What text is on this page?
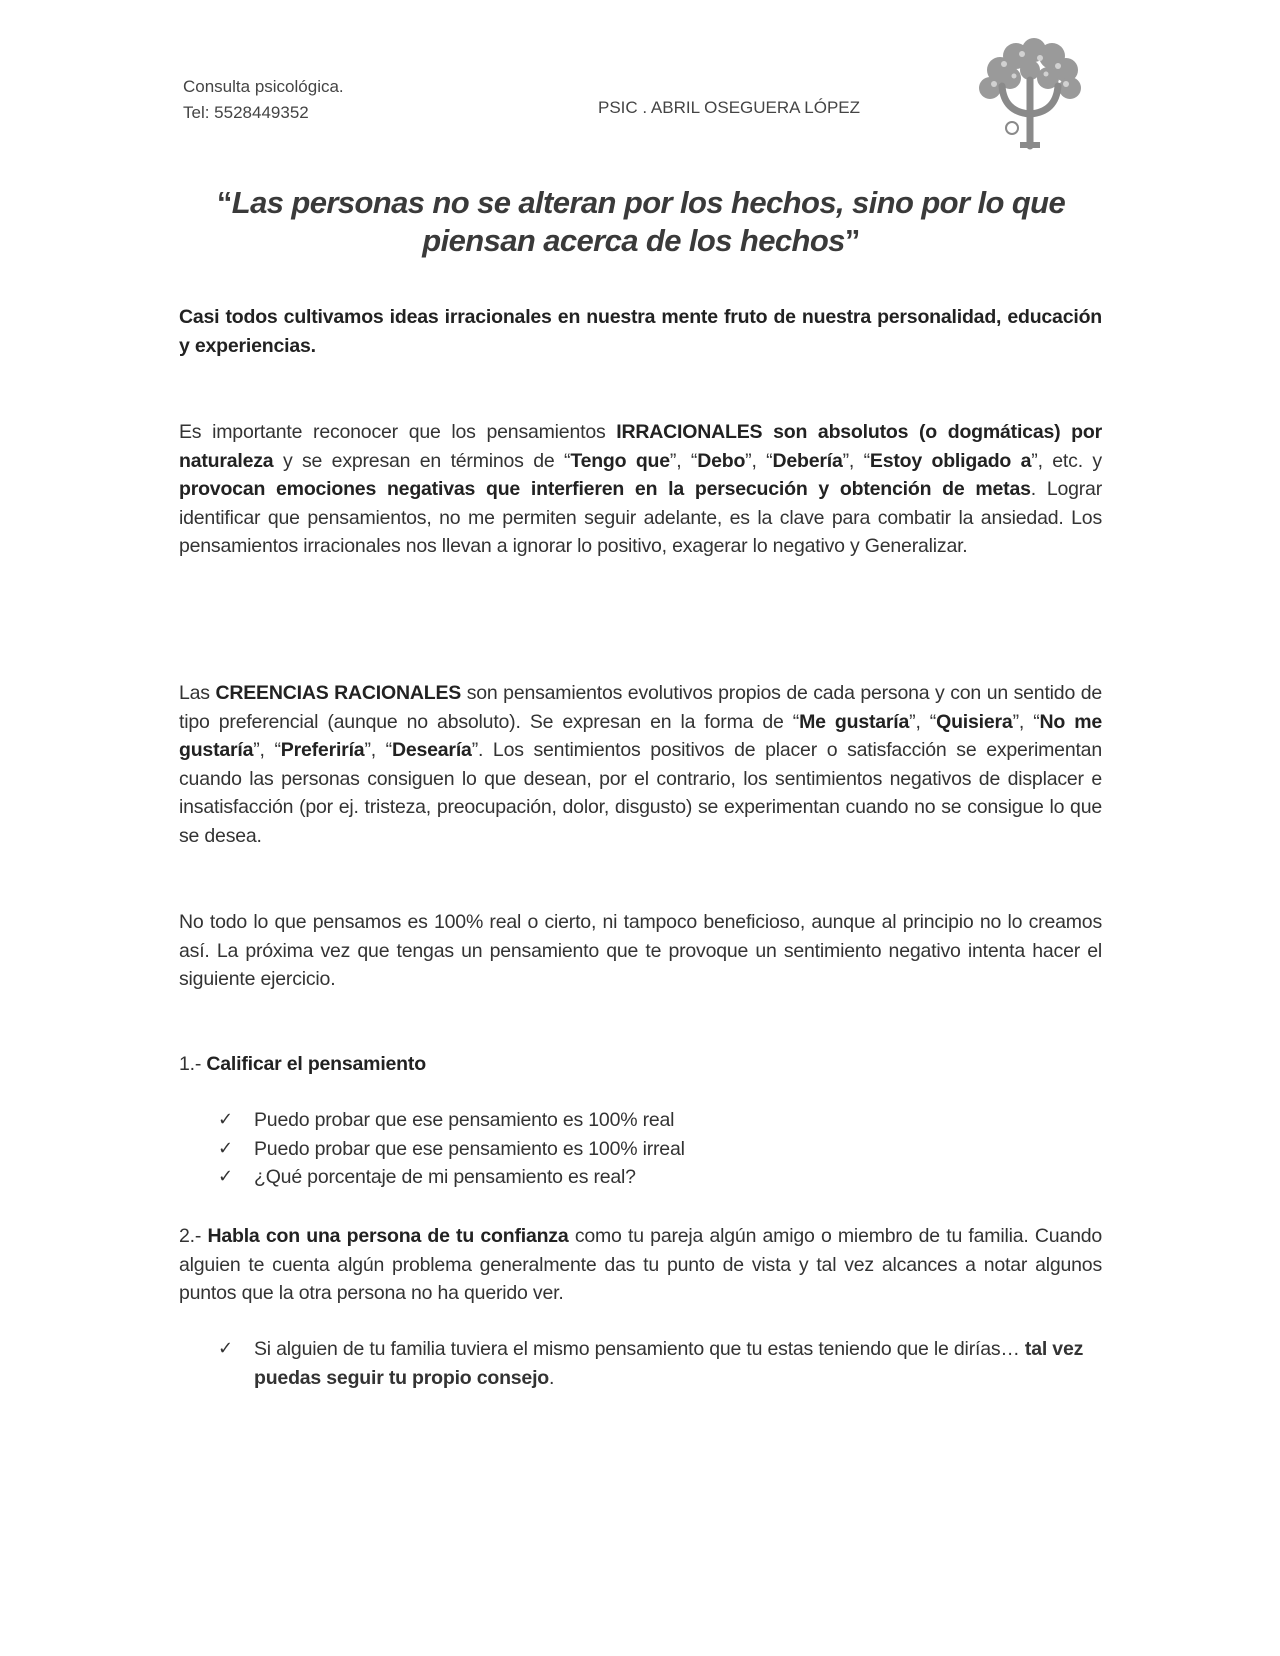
Consulta psicológica.
Tel: 5528449352	PSIC . ABRIL OSEGUERA LÓPEZ
“Las personas no se alteran por los hechos, sino por lo que piensan acerca de los hechos”
Casi todos cultivamos ideas irracionales en nuestra mente fruto de nuestra personalidad, educación y experiencias.
Es importante reconocer que los pensamientos IRRACIONALES son absolutos (o dogmáticas) por naturaleza y se expresan en términos de “Tengo que”, “Debo”, “Debería”, “Estoy obligado a”, etc. y provocan emociones negativas que interfieren en la persecución y obtención de metas. Lograr identificar que pensamientos, no me permiten seguir adelante, es la clave para combatir la ansiedad. Los pensamientos irracionales nos llevan a ignorar lo positivo, exagerar lo negativo y Generalizar.
Las CREENCIAS RACIONALES son pensamientos evolutivos propios de cada persona y con un sentido de tipo preferencial (aunque no absoluto). Se expresan en la forma de “Me gustaría”, “Quisiera”, “No me gustaría”, “Preferiría”, “Desearía”. Los sentimientos positivos de placer o satisfacción se experimentan cuando las personas consiguen lo que desean, por el contrario, los sentimientos negativos de displacer e insatisfacción (por ej. tristeza, preocupación, dolor, disgusto) se experimentan cuando no se consigue lo que se desea.
No todo lo que pensamos es 100% real o cierto, ni tampoco beneficioso, aunque al principio no lo creamos así. La próxima vez que tengas un pensamiento que te provoque un sentimiento negativo intenta hacer el siguiente ejercicio.
1.- Calificar el pensamiento
✓ Puedo probar que ese pensamiento es 100% real
✓ Puedo probar que ese pensamiento es 100% irreal
✓ ¿Qué porcentaje de mi pensamiento es real?
2.- Habla con una persona de tu confianza como tu pareja algún amigo o miembro de tu familia. Cuando alguien te cuenta algún problema generalmente das tu punto de vista y tal vez alcances a notar algunos puntos que la otra persona no ha querido ver.
✓ Si alguien de tu familia tuviera el mismo pensamiento que tu estas teniendo que le dirías… tal vez puedas seguir tu propio consejo.
